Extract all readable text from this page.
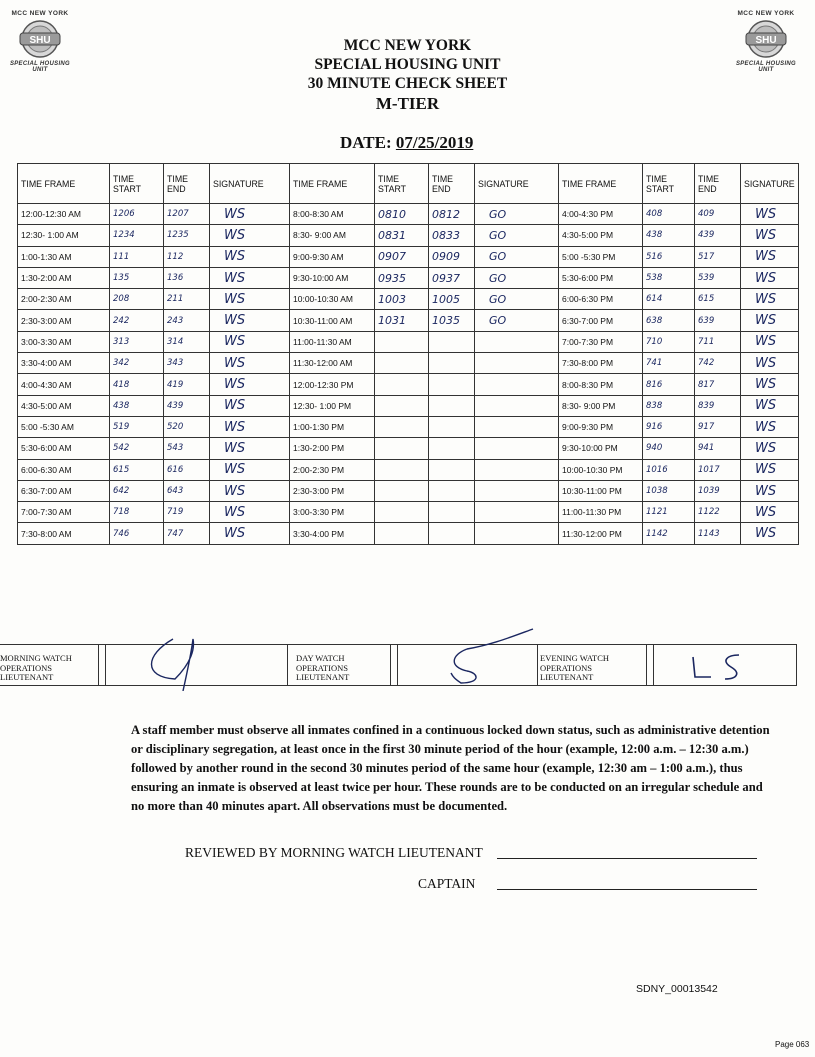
MCC NEW YORK
SHU
SPECIAL HOUSING UNIT
MCC NEW YORK
SHU
SPECIAL HOUSING UNIT
MCC NEW YORK
SPECIAL HOUSING UNIT
30 MINUTE CHECK SHEET
M-TIER
DATE: 07/25/2019
TIME FRAME	TIME START	TIME END	SIGNATURE	TIME FRAME	TIME START	TIME END	SIGNATURE	TIME FRAME	TIME START	TIME END	SIGNATURE
12:00-12:30 AM	1206	1207	WS	8:00-8:30 AM	0810	0812	GO	4:00-4:30 PM	408	409	WS
12:30- 1:00 AM	1234	1235	WS	8:30- 9:00 AM	0831	0833	GO	4:30-5:00 PM	438	439	WS
1:00-1:30 AM	111	112	WS	9:00-9:30 AM	0907	0909	GO	5:00 -5:30 PM	516	517	WS
1:30-2:00 AM	135	136	WS	9:30-10:00 AM	0935	0937	GO	5:30-6:00 PM	538	539	WS
2:00-2:30 AM	208	211	WS	10:00-10:30 AM	1003	1005	GO	6:00-6:30 PM	614	615	WS
2:30-3:00 AM	242	243	WS	10:30-11:00 AM	1031	1035	GO	6:30-7:00 PM	638	639	WS
3:00-3:30 AM	313	314	WS	11:00-11:30 AM				7:00-7:30 PM	710	711	WS
3:30-4:00 AM	342	343	WS	11:30-12:00 AM				7:30-8:00 PM	741	742	WS
4:00-4:30 AM	418	419	WS	12:00-12:30 PM				8:00-8:30 PM	816	817	WS
4:30-5:00 AM	438	439	WS	12:30- 1:00 PM				8:30- 9:00 PM	838	839	WS
5:00 -5:30 AM	519	520	WS	1:00-1:30 PM				9:00-9:30 PM	916	917	WS
5:30-6:00 AM	542	543	WS	1:30-2:00 PM				9:30-10:00 PM	940	941	WS
6:00-6:30 AM	615	616	WS	2:00-2:30 PM				10:00-10:30 PM	1016	1017	WS
6:30-7:00 AM	642	643	WS	2:30-3:00 PM				10:30-11:00 PM	1038	1039	WS
7:00-7:30 AM	718	719	WS	3:00-3:30 PM				11:00-11:30 PM	1121	1122	WS
7:30-8:00 AM	746	747	WS	3:30-4:00 PM				11:30-12:00 PM	1142	1143	WS
MORNING WATCH OPERATIONS LIEUTENANT
DAY WATCH OPERATIONS LIEUTENANT
EVENING WATCH OPERATIONS LIEUTENANT
A staff member must observe all inmates confined in a continuous locked down status, such as administrative detention or disciplinary segregation, at least once in the first 30 minute period of the hour (example, 12:00 a.m. – 12:30 a.m.) followed by another round in the second 30 minutes period of the same hour (example, 12:30 am – 1:00 a.m.), thus ensuring an inmate is observed at least twice per hour. These rounds are to be conducted on an irregular schedule and no more than 40 minutes apart. All observations must be documented.
REVIEWED BY MORNING WATCH LIEUTENANT
CAPTAIN
SDNY_00013542
Page 063
